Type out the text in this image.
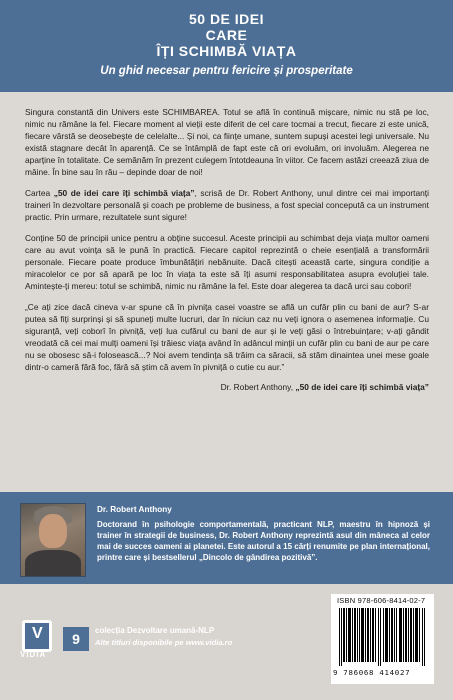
50 DE IDEI
CARE
ÎȚI SCHIMBĂ VIAȚA
Un ghid necesar pentru fericire și prosperitate

Singura constantă din Univers este SCHIMBAREA. Totul se află în continuă mișcare, nimic nu stă pe loc, nimic nu rămâne la fel. Fiecare moment al vieții este diferit de cel care tocmai a trecut, fiecare zi este unică, fiecare vârstă se deosebește de celelalte... Și noi, ca ființe umane, suntem supuși acestei legi universale. Nu există stagnare decât în aparență. Ce se întâmplă de fapt este că ori evoluăm, ori involuăm. Alegerea ne aparține în totalitate. Ce semănăm în prezent culegem întotdeauna în viitor. Ce facem astăzi creează ziua de mâine. În bine sau în rău – depinde doar de noi!

Cartea „50 de idei care îți schimbă viața”, scrisă de Dr. Robert Anthony, unul dintre cei mai importanți traineri în dezvoltare personală și coach pe probleme de business, a fost special concepută ca un instrument practic. Prin urmare, rezultatele sunt sigure!

Conține 50 de principii unice pentru a obține succesul. Aceste principii au schimbat deja viața multor oameni care au avut voința să le pună în practică. Fiecare capitol reprezintă o cheie esențială a transformării personale. Fiecare poate produce îmbunătățiri nebănuite. Dacă citești această carte, singura condiție a miracolelor ce por să apară pe loc în viața ta este să îți asumi responsabilitatea asupra evoluției tale. Amintește-ți mereu: totul se schimbă, nimic nu rămâne la fel. Este doar alegerea ta dacă urci sau cobori!

„Ce ați zice dacă cineva v-ar spune că în pivnița casei voastre se află un cufăr plin cu bani de aur? S-ar putea să fiți surprinși și să spuneți multe lucruri, dar în niciun caz nu veți ignora o asemenea informație. Cu siguranță, veți coborî în pivniță, veți lua cufărul cu bani de aur și le veți găsi o întrebuințare; v-ați gândit vreodată că cei mai mulți oameni își trăiesc viața având în adâncul minții un cufăr plin cu bani de aur pe care nu se obosesc să-i folosească...? Noi avem tendința să trăim ca săracii, să stăm dinaintea unei mese goale dintr-o cameră fără foc, fără să știm că avem în pivniță o cutie cu aur.”

Dr. Robert Anthony, „50 de idei care îți schimbă viața”
Dr. Robert Anthony
Doctorand în psihologie comportamentală, practicant NLP, maestru în hipnoză și trainer în strategii de business, Dr. Robert Anthony reprezintă asul din mâneca al celor mai de succes oameni ai planetei. Este autorul a 15 cărți renumite pe plan internațional, printre care și bestsellerul „Dincolo de gândirea pozitivă”.
V
VIDIA
9
colecția Dezvoltare umană-NLP
Alte titluri disponibile pe www.vidia.ro
ISBN 978-606-8414-02-7
9 786068 414027
